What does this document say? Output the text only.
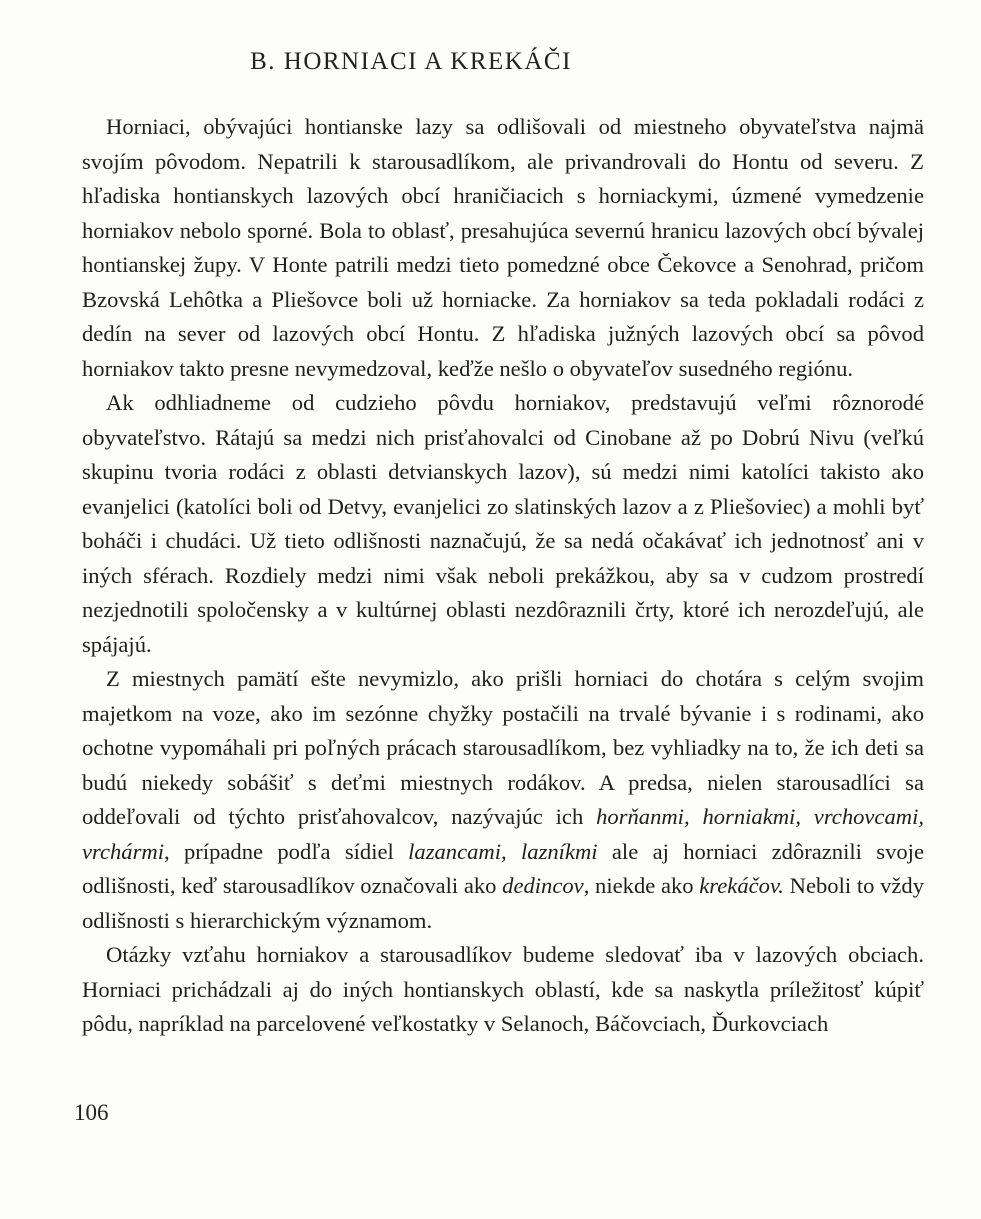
B. HORNIACI A KREKÁČI

Horniaci, obývajúci hontianske lazy sa odlišovali od miestneho obyvateľstva najmä svojím pôvodom. Nepatrili k starousadlíkom, ale privandrovali do Hontu od severu. Z hľadiska hontianskych lazových obcí hraničiacich s horniackymi, úzmené vymedzenie horniakov nebolo sporné. Bola to oblasť, presahujúca severnú hranicu lazových obcí bývalej hontianskej župy. V Honte patrili medzi tieto pomedzné obce Čekovce a Senohrad, pričom Bzovská Lehôtka a Pliešovce boli už horniacke. Za horniakov sa teda pokladali rodáci z dedín na sever od lazových obcí Hontu. Z hľadiska južných lazových obcí sa pôvod horniakov takto presne nevymedzoval, keďže nešlo o obyvateľov susedného regiónu.

Ak odhliadneme od cudzieho pôvdu horniakov, predstavujú veľmi rôznorodé obyvateľstvo. Rátajú sa medzi nich prisťahovalci od Cinobane až po Dobrú Nivu (veľkú skupinu tvoria rodáci z oblasti detvianskych lazov), sú medzi nimi katolíci takisto ako evanjelici (katolíci boli od Detvy, evanjelici zo slatinských lazov a z Pliešoviec) a mohli byť boháči i chudáci. Už tieto odlišnosti naznačujú, že sa nedá očakávať ich jednotnosť ani v iných sférach. Rozdiely medzi nimi však neboli prekážkou, aby sa v cudzom prostredí nezjednotili spoločensky a v kultúrnej oblasti nezdôraznili črty, ktoré ich nerozdeľujú, ale spájajú.

Z miestnych pamätí ešte nevymizlo, ako prišli horniaci do chotára s celým svojim majetkom na voze, ako im sezónne chyžky postačili na trvalé bývanie i s rodinami, ako ochotne vypomáhali pri poľných prácach starousadlíkom, bez vyhliadky na to, že ich deti sa budú niekedy sobášiť s deťmi miestnych rodákov. A predsa, nielen starousadlíci sa oddeľovali od týchto prisťahovalcov, nazývajúc ich horňanmi, horniakmi, vrchovcami, vrchármi, prípadne podľa sídiel lazancami, lazníkmi ale aj horniaci zdôraznili svoje odlišnosti, keď starousadlíkov označovali ako dedincov, niekde ako krekáčov. Neboli to vždy odlišnosti s hierarchickým významom.

Otázky vzťahu horniakov a starousadlíkov budeme sledovať iba v lazových obciach. Horniaci prichádzali aj do iných hontianskych oblastí, kde sa naskytla príležitosť kúpiť pôdu, napríklad na parcelovené veľkostatky v Selanoch, Báčovciach, Ďurkovciach

106
